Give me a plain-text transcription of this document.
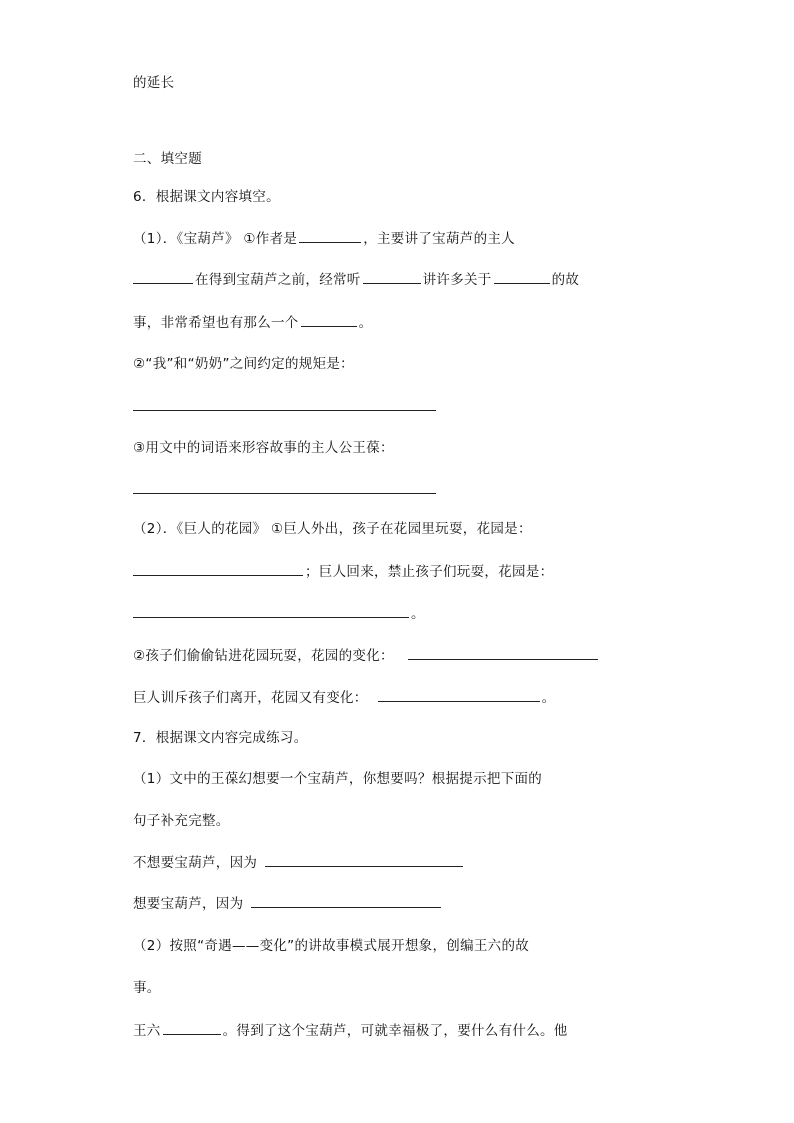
的延长
二、填空题
6．根据课文内容填空。
（1）．《宝葫芦》 ①作者是	，主要讲了宝葫芦的主人
在得到宝葫芦之前，经常听	讲许多关于	的故
事，非常希望也有那么一个	。
②“我”和“奶奶”之间约定的规矩是：
③用文中的词语来形容故事的主人公王葆：
（2）．《巨人的花园》 ①巨人外出，孩子在花园里玩耍，花园是：
；巨人回来，禁止孩子们玩耍，花园是：
。
②孩子们偷偷钻进花园玩耍，花园的变化：
巨人训斥孩子们离开，花园又有变化：	。
7．根据课文内容完成练习。
（1）文中的王葆幻想要一个宝葫芦，你想要吗？根据提示把下面的
句子补充完整。
不想要宝葫芦，因为
想要宝葫芦，因为
（2）按照“奇遇——变化”的讲故事模式展开想象，创编王六的故
事。
王六	。得到了这个宝葫芦，可就幸福极了，要什么有什么。他
